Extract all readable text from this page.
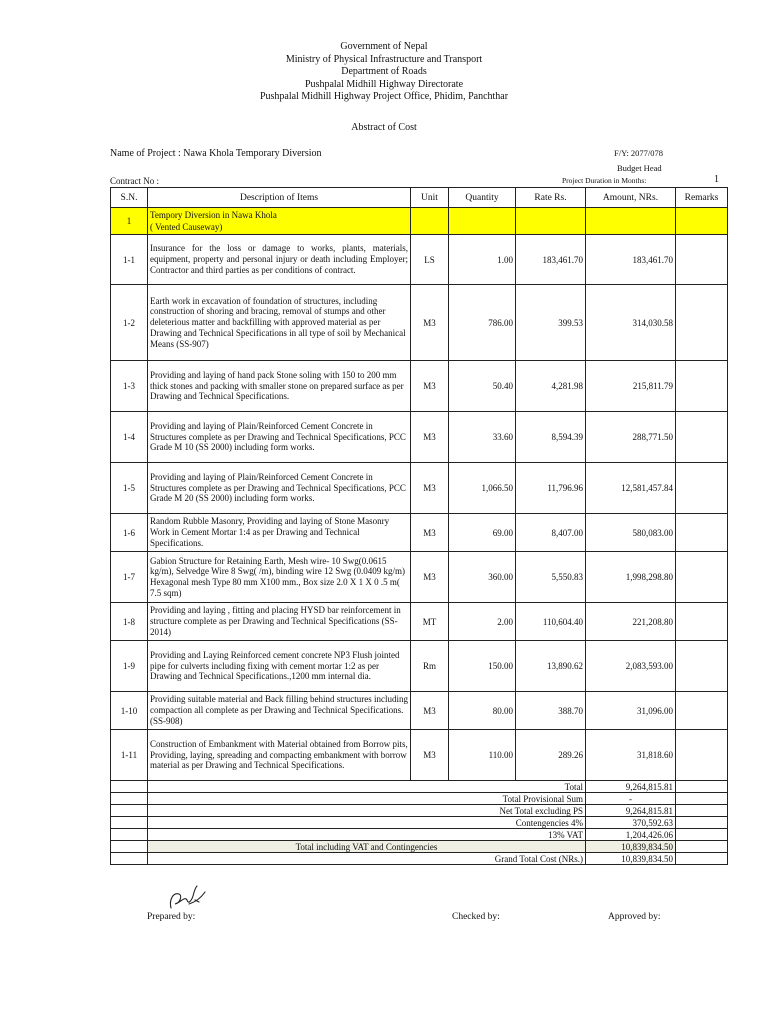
Government of Nepal
Ministry of Physical Infrastructure and Transport
Department of Roads
Pushpalal Midhill Highway Directorate
Pushpalal Midhill Highway Project Office, Phidim, Panchthar
Abstract of Cost
Name of Project : Nawa Khola Temporary Diversion	F/Y: 2077/078
Budget Head
Contract No :	Project Duration in Months:	1
S.N.	Description of Items	Unit	Quantity	Rate Rs.	Amount, NRs.	Remarks
1	Tempory Diversion in Nawa Khola
( Vented Causeway)					

1-1	Insurance for the loss or damage to works, plants, materials, equipment, property and personal injury or death including Employer; Contractor and third parties as per conditions of contract.	LS	1.00	183,461.70	183,461.70	
1-2	Earth work in excavation of foundation of structures, including construction of shoring and bracing, removal of stumps and other deleterious matter and backfilling with approved material as per Drawing and Technical Specifications in all type of soil by Mechanical Means (SS-907)	M3	786.00	399.53	314,030.58	
1-3	Providing and laying of hand pack Stone soling with 150 to 200 mm thick stones and packing with smaller stone on prepared surface as per Drawing and Technical Specifications.	M3	50.40	4,281.98	215,811.79	
1-4	Providing and laying of Plain/Reinforced Cement Concrete in Structures complete as per Drawing and Technical Specifications, PCC Grade M 10 (SS 2000) including form works.	M3	33.60	8,594.39	288,771.50	
1-5	Providing and laying of Plain/Reinforced Cement Concrete in Structures complete as per Drawing and Technical Specifications, PCC Grade M 20 (SS 2000) including form works.	M3	1,066.50	11,796.96	12,581,457.84	
1-6	Random Rubble Masonry, Providing and laying of Stone Masonry Work in Cement Mortar 1:4 as per Drawing and Technical Specifications.	M3	69.00	8,407.00	580,083.00	
1-7	Gabion Structure for Retaining Earth, Mesh wire- 10 Swg(0.0615 kg/m), Selvedge Wire 8 Swg( /m), binding wire 12 Swg (0.0409 kg/m) Hexagonal mesh Type 80 mm X100 mm., Box size 2.0 X 1 X 0 .5 m( 7.5 sqm)	M3	360.00	5,550.83	1,998,298.80	
1-8	Providing and laying , fitting and placing HYSD bar reinforcement in structure complete as per Drawing and Technical Specifications (SS-2014)	MT	2.00	110,604.40	221,208.80	
1-9	Providing and Laying Reinforced cement concrete NP3 Flush jointed pipe for culverts including fixing with cement mortar 1:2 as per Drawing and Technical Specifications.,1200 mm internal dia.	Rm	150.00	13,890.62	2,083,593.00	
1-10	Providing suitable material and Back filling behind structures including compaction all complete as per Drawing and Technical Specifications. (SS-908)	M3	80.00	388.70	31,096.00	
1-11	Construction of Embankment with Material obtained from Borrow pits, Providing, laying, spreading and compacting embankment with borrow material as per Drawing and Technical Specifications.	M3	110.00	289.26	31,818.60	
	Total				9,264,815.81	
	Total Provisional Sum				-	
	Net Total excluding PS				9,264,815.81	
	Contengencies 4%				370,592.63	
	13% VAT				1,204,426.06	
	Total including VAT and Contingencies				10,839,834.50	
	Grand Total Cost (NRs.)				10,839,834.50	
Prepared by:	Checked by:	Approved by:
